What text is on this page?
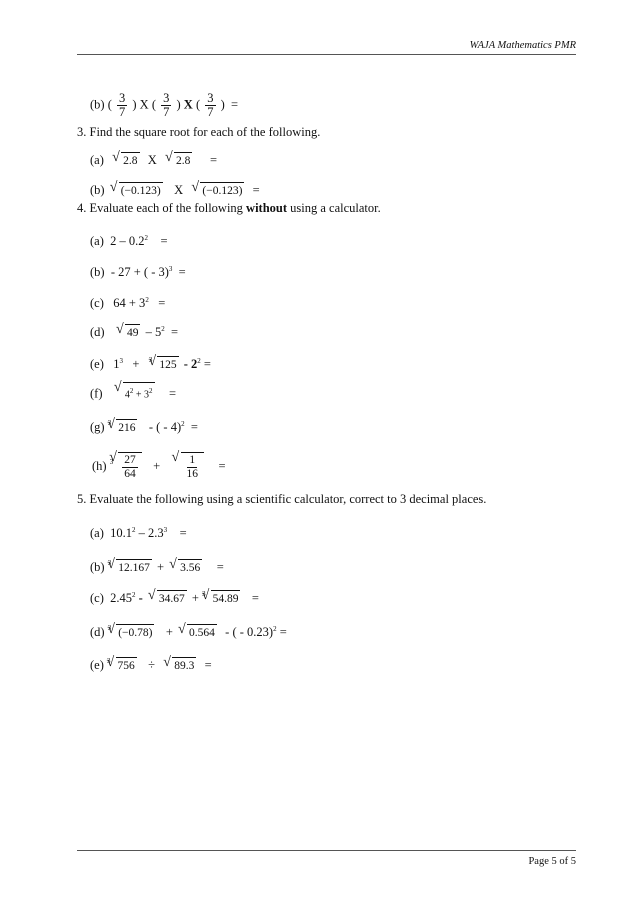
WAJA Mathematics PMR
(b) ( $\frac{3}{7}$ ) X ( $\frac{3}{7}$ ) X ( $\frac{3}{7}$ )  =
3. Find the square root for each of the following.
(a)  √ 2.8 X  √ 2.8 =
(b) √ (−0.123) X  √ (−0.123) =
4. Evaluate each of the following without using a calculator.
(a) $2 - 0.2^2$ =
(b) - 27 + ( - 3)$^3$ =
(c) $64 + 3^2$ =
(d)   √ $49 - 5^2$ =
(e) $1^3 + ^3√$ $125 - 2^2$ =
(f)   √ $4^2 + 3^2$ =
(g) $^3$√ 216 - ( - 4)$^2$ =
(h) $^3$
√ $\frac{27}{64}$ +
√ $\frac{1}{16}$ =
5. Evaluate the following using a scientific calculator, correct to 3 decimal places.
(a) $10.1^2 - 2.3^3$ =
(b) $^3$√ 12.167 + √ 3.56 =
(c) 2.45$^2$ - √ 34.67 + $^3$√ 54.89 =
(d) $^3$√ (−0.78) + √ 0.564 - ( - 0.23)$^2$ =
(e) $^3$√ 756 ÷  √ 89.3 =
Page 5 of 5
